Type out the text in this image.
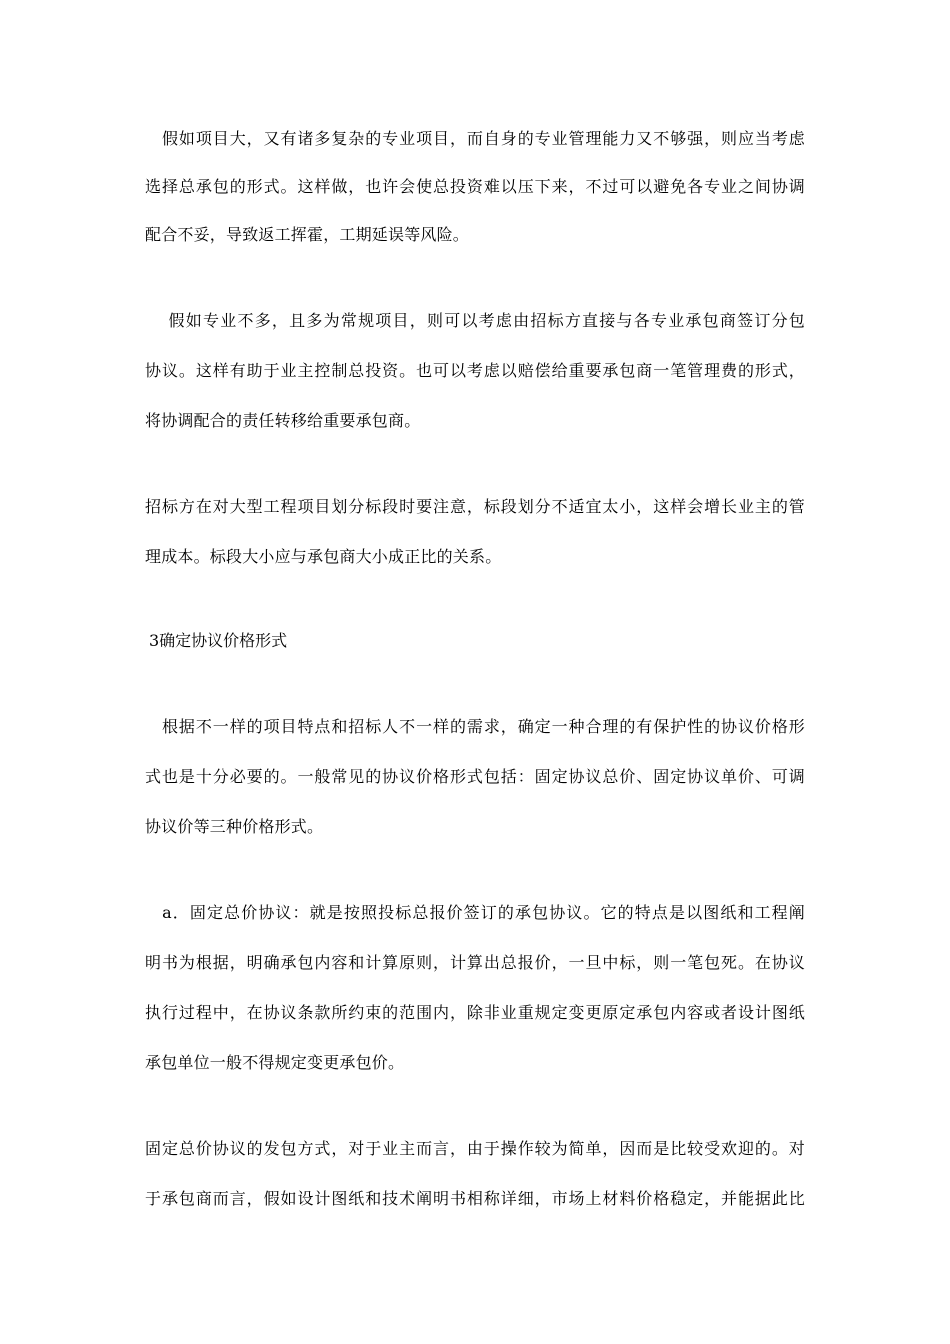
　假如项目大，又有诸多复杂的专业项目，而自身的专业管理能力又不够强，则应当考虑
选择总承包的形式。这样做，也许会使总投资难以压下来，不过可以避免各专业之间协调
配合不妥，导致返工挥霍，工期延误等风险。
　 假如专业不多，且多为常规项目，则可以考虑由招标方直接与各专业承包商签订分包
协议。这样有助于业主控制总投资。也可以考虑以赔偿给重要承包商一笔管理费的形式，
将协调配合的责任转移给重要承包商。
招标方在对大型工程项目划分标段时要注意，标段划分不适宜太小，这样会增长业主的管
理成本。标段大小应与承包商大小成正比的关系。
3确定协议价格形式
　根据不一样的项目特点和招标人不一样的需求，确定一种合理的有保护性的协议价格形
式也是十分必要的。一般常见的协议价格形式包括：固定协议总价、固定协议单价、可调
协议价等三种价格形式。
　a．固定总价协议：就是按照投标总报价签订的承包协议。它的特点是以图纸和工程阐
明书为根据，明确承包内容和计算原则，计算出总报价，一旦中标，则一笔包死。在协议
执行过程中，在协议条款所约束的范围内，除非业重规定变更原定承包内容或者设计图纸
承包单位一般不得规定变更承包价。
固定总价协议的发包方式，对于业主而言，由于操作较为简单，因而是比较受欢迎的。对
于承包商而言，假如设计图纸和技术阐明书相称详细，市场上材料价格稳定，并能据此比
